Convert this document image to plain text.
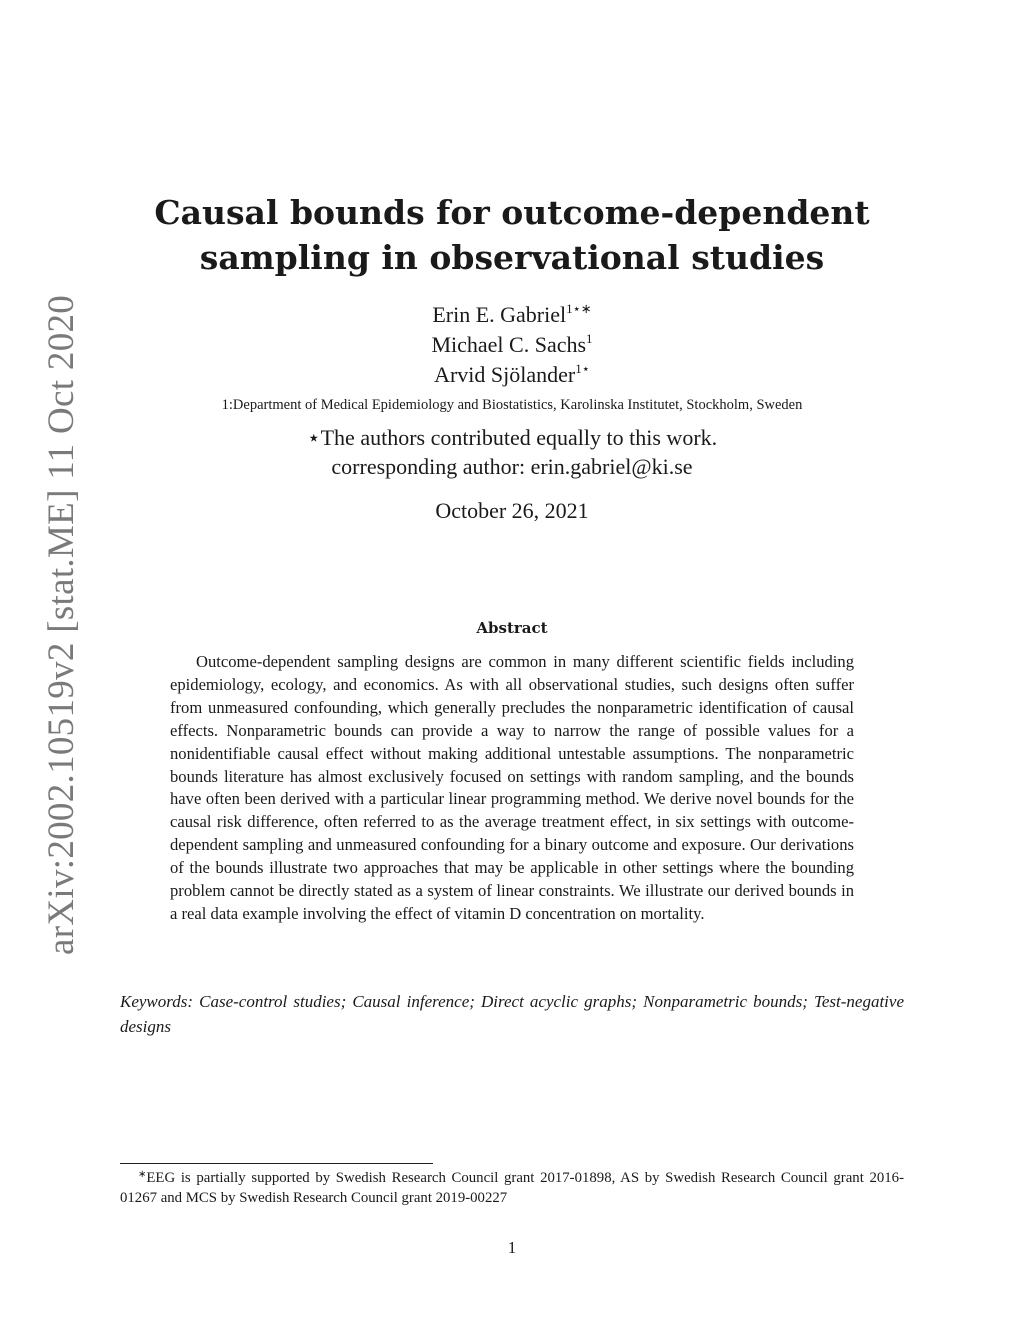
arXiv:2002.10519v2 [stat.ME] 11 Oct 2020
Causal bounds for outcome-dependent
sampling in observational studies
Erin E. Gabriel$^{1⋆∗}$
Michael C. Sachs$^1$
Arvid Sjölander$^{1⋆}$
1:Department of Medical Epidemiology and Biostatistics, Karolinska Institutet, Stockholm, Sweden
⋆The authors contributed equally to this work.
corresponding author: erin.gabriel@ki.se
October 26, 2021
Abstract

Outcome-dependent sampling designs are common in many different scientific fields including epidemiology, ecology, and economics. As with all observational studies, such designs often suffer from unmeasured confounding, which generally precludes the nonparametric identification of causal effects. Nonparametric bounds can provide a way to narrow the range of possible values for a nonidentifiable causal effect without making additional untestable assumptions. The nonparametric bounds literature has almost exclusively focused on settings with random sampling, and the bounds have often been derived with a particular linear programming method. We derive novel bounds for the causal risk difference, often referred to as the average treatment effect, in six settings with outcome-dependent sampling and unmeasured confounding for a binary outcome and exposure. Our derivations of the bounds illustrate two approaches that may be applicable in other settings where the bounding problem cannot be directly stated as a system of linear constraints. We illustrate our derived bounds in a real data example involving the effect of vitamin D concentration on mortality.

Keywords: Case-control studies; Causal inference; Direct acyclic graphs; Nonparametric bounds; Test-negative designs

∗EEG is partially supported by Swedish Research Council grant 2017-01898, AS by Swedish Research Council grant 2016-01267 and MCS by Swedish Research Council grant 2019-00227

1
